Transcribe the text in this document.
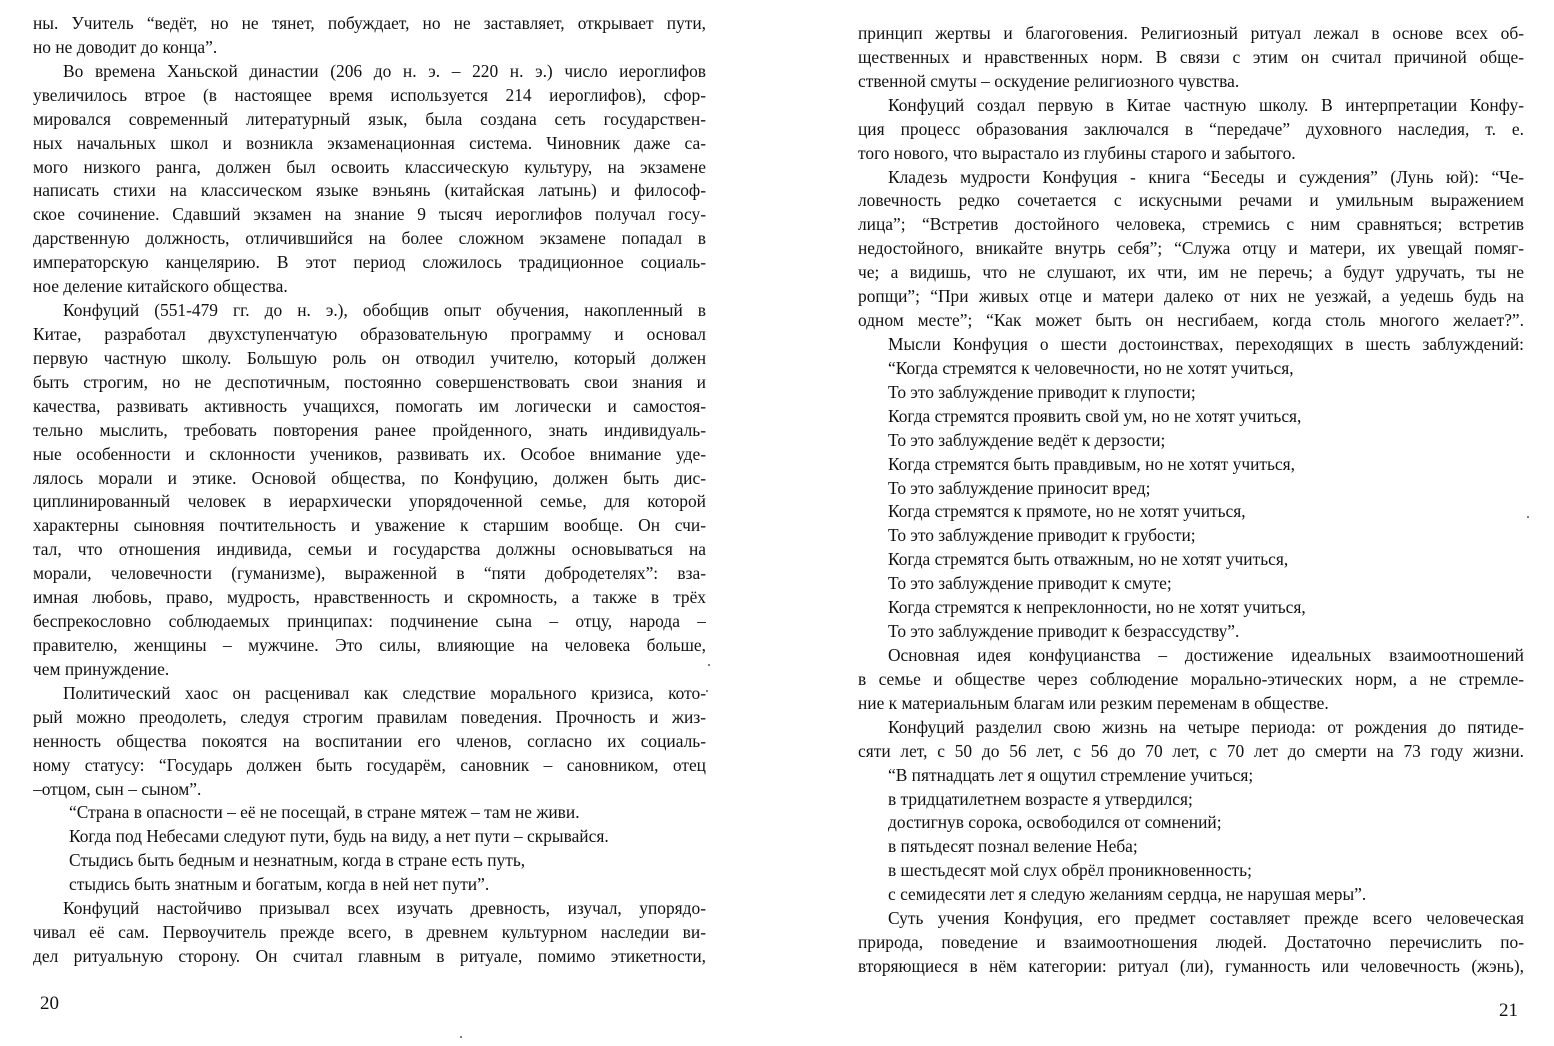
ны. Учитель “ведёт, но не тянет, побуждает, но не заставляет, открывает пути,
но не доводит до конца”.
Во времена Ханьской династии (206 до н. э. – 220 н. э.) число иероглифов
увеличилось втрое (в настоящее время используется 214 иероглифов), сфор-
мировался современный литературный язык, была создана сеть государствен-
ных начальных школ и возникла экзаменационная система. Чиновник даже са-
мого низкого ранга, должен был освоить классическую культуру, на экзамене
написать стихи на классическом языке вэньянь (китайская латынь) и философ-
ское сочинение. Сдавший экзамен на знание 9 тысяч иероглифов получал госу-
дарственную должность, отличившийся на более сложном экзамене попадал в
императорскую канцелярию. В этот период сложилось традиционное социаль-
ное деление китайского общества.
Конфуций (551-479 гг. до н. э.), обобщив опыт обучения, накопленный в
Китае, разработал двухступенчатую образовательную программу и основал
первую частную школу. Большую роль он отводил учителю, который должен
быть строгим, но не деспотичным, постоянно совершенствовать свои знания и
качества, развивать активность учащихся, помогать им логически и самостоя-
тельно мыслить, требовать повторения ранее пройденного, знать индивидуаль-
ные особенности и склонности учеников, развивать их. Особое внимание уде-
лялось морали и этике. Основой общества, по Конфуцию, должен быть дис-
циплинированный человек в иерархически упорядоченной семье, для которой
характерны сыновняя почтительность и уважение к старшим вообще. Он счи-
тал, что отношения индивида, семьи и государства должны основываться на
морали, человечности (гуманизме), выраженной в “пяти добродетелях”: вза-
имная любовь, право, мудрость, нравственность и скромность, а также в трёх
беспрекословно соблюдаемых принципах: подчинение сына – отцу, народа –
правителю, женщины – мужчине. Это силы, влияющие на человека больше,
чем принуждение.
Политический хаос он расценивал как следствие морального кризиса, кото-
рый можно преодолеть, следуя строгим правилам поведения. Прочность и жиз-
ненность общества покоятся на воспитании его членов, согласно их социаль-
ному статусу: “Государь должен быть государём, сановник – сановником, отец
–отцом, сын – сыном”.
“Страна в опасности – её не посещай, в стране мятеж – там не живи.
Когда под Небесами следуют пути, будь на виду, а нет пути – скрывайся.
Стыдись быть бедным и незнатным, когда в стране есть путь,
стыдись быть знатным и богатым, когда в ней нет пути”.
Конфуций настойчиво призывал всех изучать древность, изучал, упорядо-
чивал её сам. Первоучитель прежде всего, в древнем культурном наследии ви-
дел ритуальную сторону. Он считал главным в ритуале, помимо этикетности,
20
принцип жертвы и благоговения. Религиозный ритуал лежал в основе всех об-
щественных и нравственных норм. В связи с этим он считал причиной обще-
ственной смуты – оскудение религиозного чувства.
Конфуций создал первую в Китае частную школу. В интерпретации Конфу-
ция процесс образования заключался в “передаче” духовного наследия, т. е.
того нового, что вырастало из глубины старого и забытого.
Кладезь мудрости Конфуция - книга “Беседы и суждения” (Лунь юй): “Че-
ловечность редко сочетается с искусными речами и умильным выражением
лица”; “Встретив достойного человека, стремись с ним сравняться; встретив
недостойного, вникайте внутрь себя”; “Служа отцу и матери, их увещай помяг-
че; а видишь, что не слушают, их чти, им не перечь; а будут удручать, ты не
ропщи”; “При живых отце и матери далеко от них не уезжай, а уедешь будь на
одном месте”; “Как может быть он несгибаем, когда столь многого желает?”.
Мысли Конфуция о шести достоинствах, переходящих в шесть заблуждений:
“Когда стремятся к человечности, но не хотят учиться,
То это заблуждение приводит к глупости;
Когда стремятся проявить свой ум, но не хотят учиться,
То это заблуждение ведёт к дерзости;
Когда стремятся быть правдивым, но не хотят учиться,
То это заблуждение приносит вред;
Когда стремятся к прямоте, но не хотят учиться,
То это заблуждение приводит к грубости;
Когда стремятся быть отважным, но не хотят учиться,
То это заблуждение приводит к смуте;
Когда стремятся к непреклонности, но не хотят учиться,
То это заблуждение приводит к безрассудству”.
Основная идея конфуцианства – достижение идеальных взаимоотношений
в семье и обществе через соблюдение морально-этических норм, а не стремле-
ние к материальным благам или резким переменам в обществе.
Конфуций разделил свою жизнь на четыре периода: от рождения до пятиде-
сяти лет, с 50 до 56 лет, с 56 до 70 лет, с 70 лет до смерти на 73 году жизни.
“В пятнадцать лет я ощутил стремление учиться;
в тридцатилетнем возрасте я утвердился;
достигнув сорока, освободился от сомнений;
в пятьдесят познал веление Неба;
в шестьдесят мой слух обрёл проникновенность;
с семидесяти лет я следую желаниям сердца, не нарушая меры”.
Суть учения Конфуция, его предмет составляет прежде всего человеческая
природа, поведение и взаимоотношения людей. Достаточно перечислить по-
вторяющиеся в нём категории: ритуал (ли), гуманность или человечность (жэнь),
21
